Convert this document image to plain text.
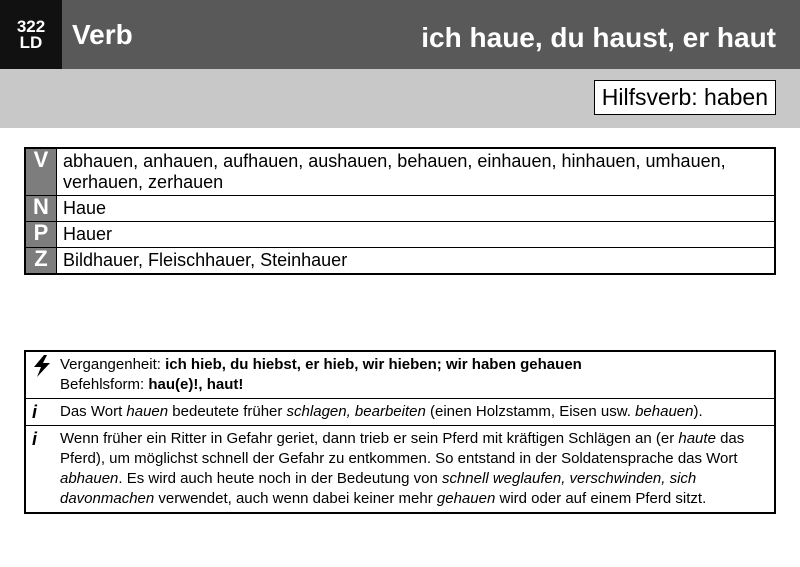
322
LD Verb	ich haue, du haust, er haut
Hilfsverb: haben
V	abhauen, anhauen, aufhauen, aushauen, behauen, einhauen, hinhauen, umhauen, verhauen, zerhauen
N	Haue
P	Hauer
Z	Bildhauer, Fleischhauer, Steinhauer
Vergangenheit: ich hieb, du hiebst, er hieb, wir hieben; wir haben gehauen
Befehlsform: hau(e)!, haut!
i	Das Wort hauen bedeutete früher schlagen, bearbeiten (einen Holzstamm, Eisen usw. behauen).
i	Wenn früher ein Ritter in Gefahr geriet, dann trieb er sein Pferd mit kräftigen Schlägen an (er haute das Pferd), um möglichst schnell der Gefahr zu entkommen. So entstand in der Soldatensprache das Wort abhauen. Es wird auch heute noch in der Bedeutung von schnell weglaufen, verschwinden, sich davonmachen verwendet, auch wenn dabei keiner mehr gehauen wird oder auf einem Pferd sitzt.
